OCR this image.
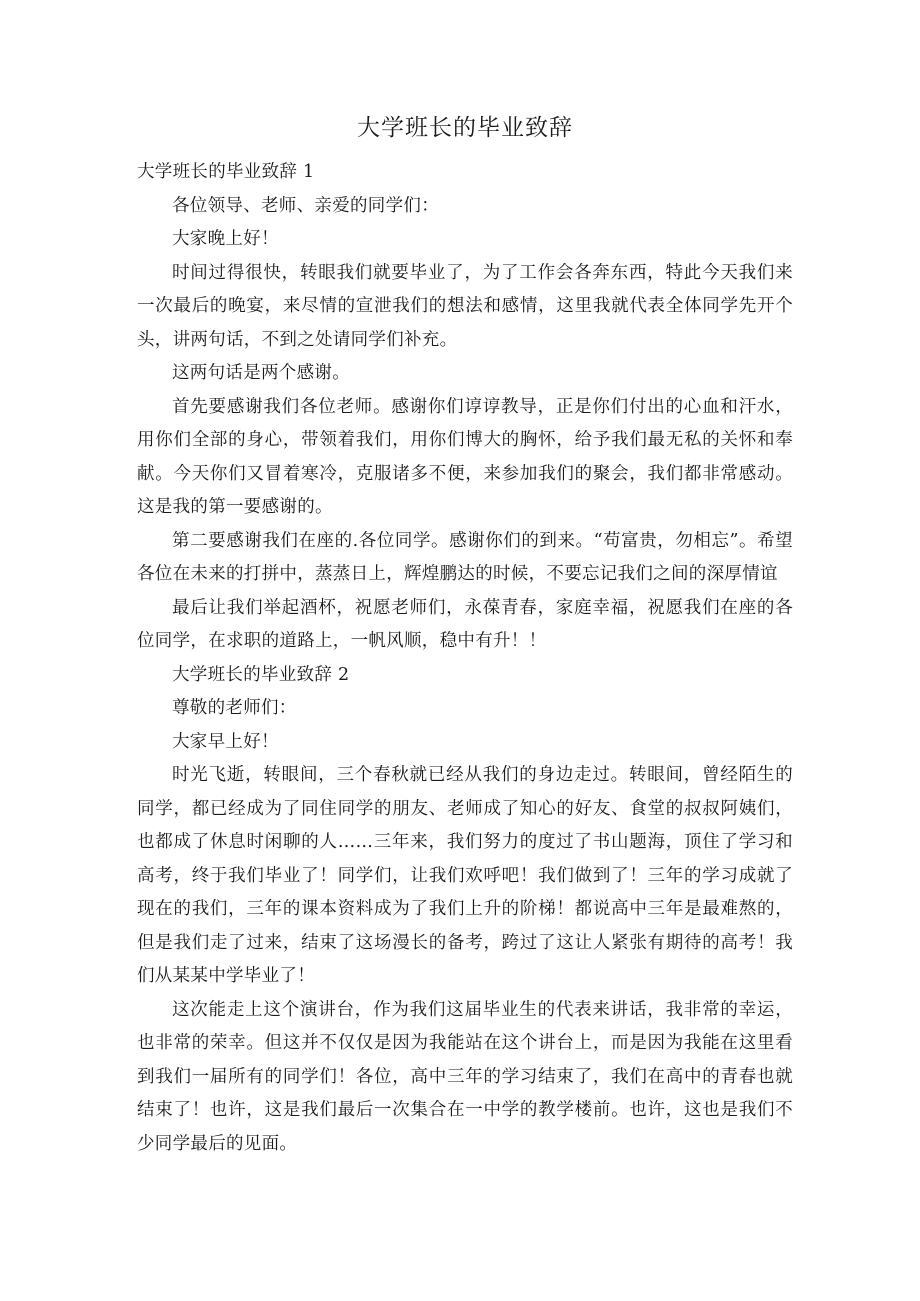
大学班长的毕业致辞

大学班长的毕业致辞 1

各位领导、老师、亲爱的同学们：

大家晚上好！

时间过得很快，转眼我们就要毕业了，为了工作会各奔东西，特此今天我们来一次最后的晚宴，来尽情的宣泄我们的想法和感情，这里我就代表全体同学先开个头，讲两句话，不到之处请同学们补充。

这两句话是两个感谢。

首先要感谢我们各位老师。感谢你们谆谆教导，正是你们付出的心血和汗水，用你们全部的身心，带领着我们，用你们博大的胸怀，给予我们最无私的关怀和奉献。今天你们又冒着寒冷，克服诸多不便，来参加我们的聚会，我们都非常感动。这是我的第一要感谢的。

第二要感谢我们在座的.各位同学。感谢你们的到来。“苟富贵，勿相忘”。希望各位在未来的打拼中，蒸蒸日上，辉煌鹏达的时候，不要忘记我们之间的深厚情谊

最后让我们举起酒杯，祝愿老师们，永葆青春，家庭幸福，祝愿我们在座的各位同学，在求职的道路上，一帆风顺，稳中有升！！

大学班长的毕业致辞 2

尊敬的老师们：

大家早上好！

时光飞逝，转眼间，三个春秋就已经从我们的身边走过。转眼间，曾经陌生的同学，都已经成为了同住同学的朋友、老师成了知心的好友、食堂的叔叔阿姨们，也都成了休息时闲聊的人……三年来，我们努力的度过了书山题海，顶住了学习和高考，终于我们毕业了！同学们，让我们欢呼吧！我们做到了！三年的学习成就了现在的我们，三年的课本资料成为了我们上升的阶梯！都说高中三年是最难熬的，但是我们走了过来，结束了这场漫长的备考，跨过了这让人紧张有期待的高考！我们从某某中学毕业了！

这次能走上这个演讲台，作为我们这届毕业生的代表来讲话，我非常的幸运，也非常的荣幸。但这并不仅仅是因为我能站在这个讲台上，而是因为我能在这里看到我们一届所有的同学们！各位，高中三年的学习结束了，我们在高中的青春也就结束了！也许，这是我们最后一次集合在一中学的教学楼前。也许，这也是我们不少同学最后的见面。
